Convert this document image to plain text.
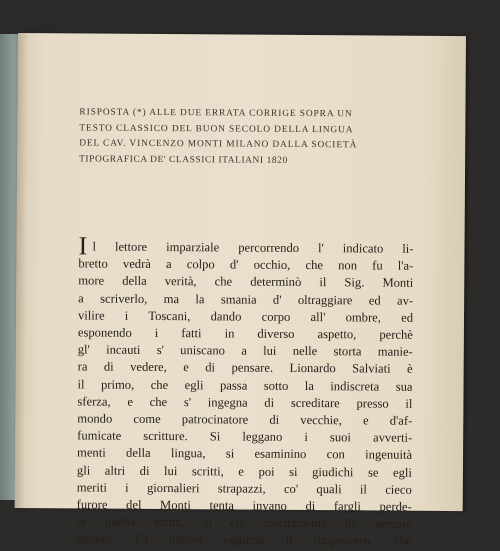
RISPOSTA (*) ALLE DUE ERRATA CORRIGE SOPRA UN
TESTO CLASSICO DEL BUON SECOLO DELLA LINGUA
DEL CAV. VINCENZO MONTI MILANO DALLA SOCIETÀ
TIPOGRAFICA DE' CLASSICI ITALIANI 1820
I l lettore imparziale percorrendo l' indicato li-
bretto vedrà a colpo d' occhio, che non fu l'a-
more della verità, che determinò il Sig. Monti
a scriverlo, ma la smania d' oltraggiare ed av-
vilire i Toscani, dando corpo all' ombre, ed
esponendo i fatti in diverso aspetto, perchè
gl' incauti s' uniscano a lui nelle storta manie-
ra di vedere, e di pensare. Lionardo Salviati è
il primo, che egli passa sotto la indiscreta sua
sferza, e che s' ingegna di screditare presso il
mondo come patrocinatore di vecchie, e d'af-
fumicate scritture. Si leggano i suoi avverti-
menti della lingua, si esaminino con ingenuità
gli altri di lui scritti, e poi si giudichi se egli
meriti i giornalieri strapazzi, co' quali il cieco
furore del Monti tenta invano di fargli perde-
re quella stima, di cui meritamente ha sempre
goduto. Fa nausea oggimai il rimprovero, che
